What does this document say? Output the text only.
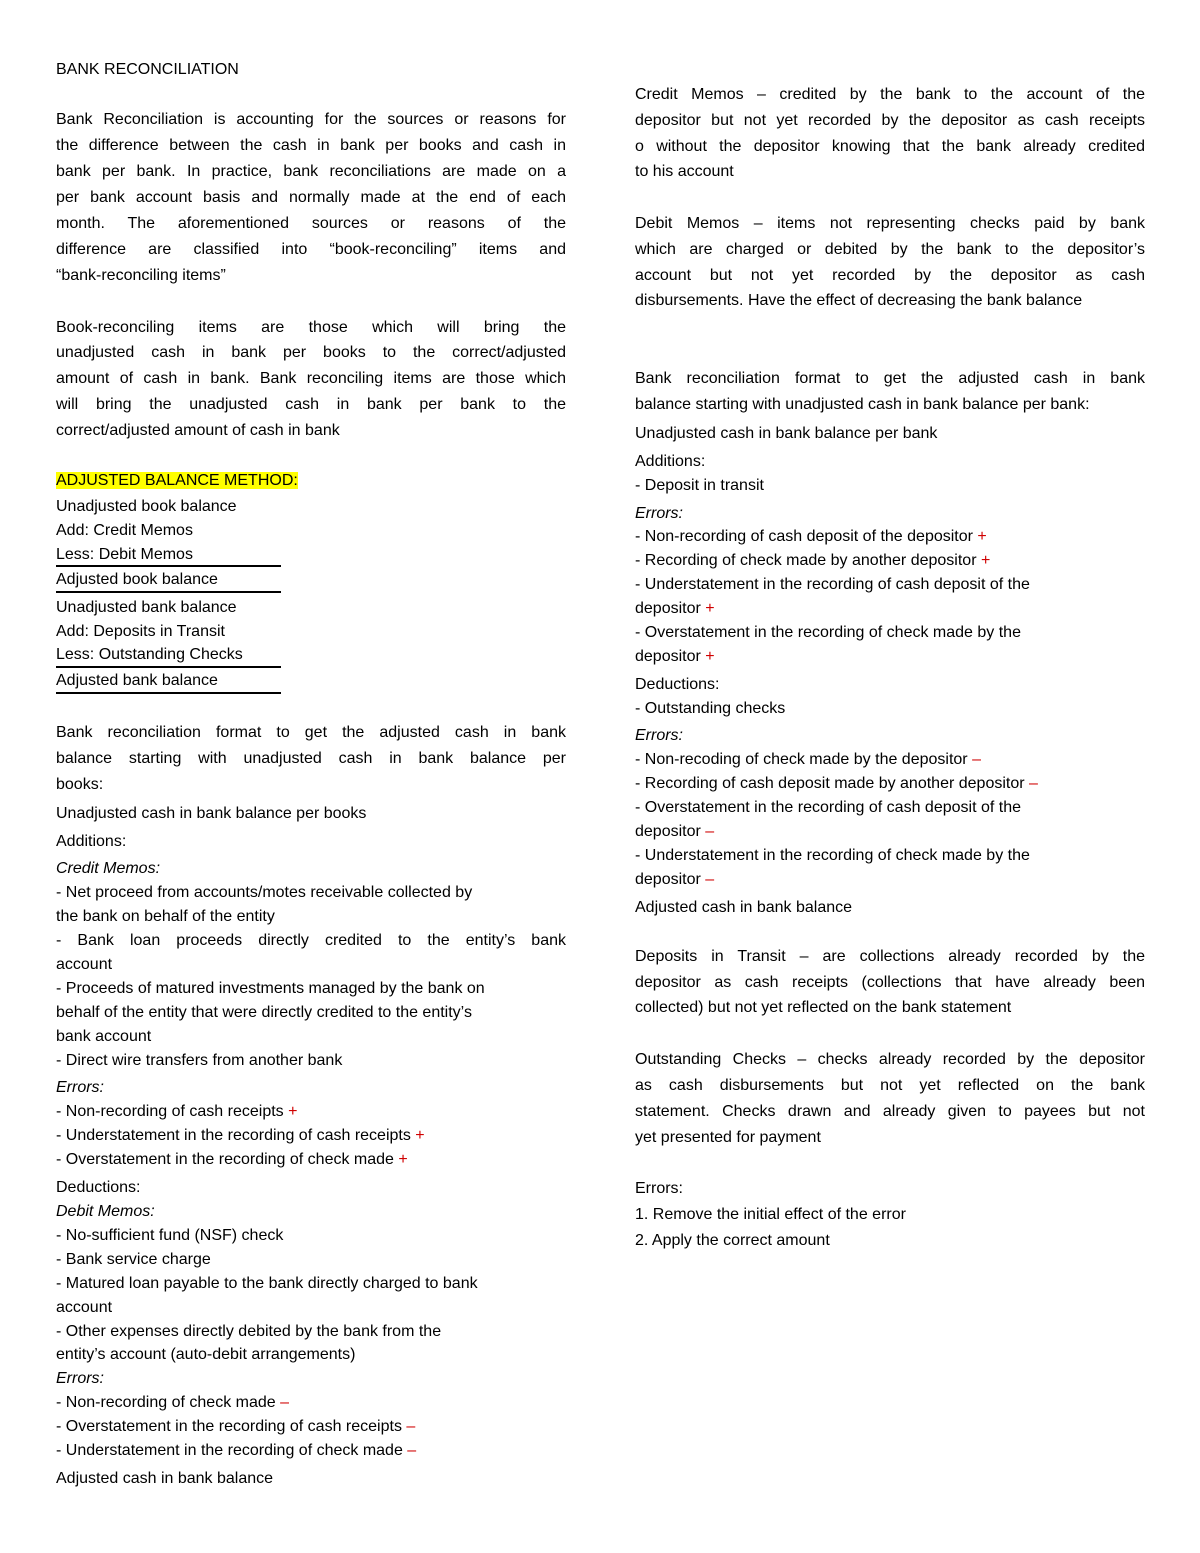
BANK RECONCILIATION
Bank Reconciliation is accounting for the sources or reasons for
the difference between the cash in bank per books and cash in
bank per bank. In practice, bank reconciliations are made on a
per bank account basis and normally made at the end of each
month. The aforementioned sources or reasons of the
difference are classified into “book-reconciling” items and
“bank-reconciling items”
Book-reconciling items are those which will bring the
unadjusted cash in bank per books to the correct/adjusted
amount of cash in bank. Bank reconciling items are those which
will bring the unadjusted cash in bank per bank to the
correct/adjusted amount of cash in bank
ADJUSTED BALANCE METHOD:
Unadjusted book balance
Add: Credit Memos
Less: Debit Memos
Adjusted book balance
Unadjusted bank balance
Add: Deposits in Transit
Less: Outstanding Checks
Adjusted bank balance
Bank reconciliation format to get the adjusted cash in bank
balance starting with unadjusted cash in bank balance per
books:
Unadjusted cash in bank balance per books
Additions:
Credit Memos:
- Net proceed from accounts/motes receivable collected by
the bank on behalf of the entity
- Bank loan proceeds directly credited to the entity’s bank
account
- Proceeds of matured investments managed by the bank on
behalf of the entity that were directly credited to the entity’s
bank account
- Direct wire transfers from another bank
Errors:
- Non-recording of cash receipts +
- Understatement in the recording of cash receipts +
- Overstatement in the recording of check made +
Deductions:
Debit Memos:
- No-sufficient fund (NSF) check
- Bank service charge
- Matured loan payable to the bank directly charged to bank
account
- Other expenses directly debited by the bank from the
entity’s account (auto-debit arrangements)
Errors:
- Non-recording of check made –
- Overstatement in the recording of cash receipts –
- Understatement in the recording of check made –
Adjusted cash in bank balance
Credit Memos – credited by the bank to the account of the
depositor but not yet recorded by the depositor as cash receipts
o without the depositor knowing that the bank already credited
to his account
Debit Memos – items not representing checks paid by bank
which are charged or debited by the bank to the depositor’s
account but not yet recorded by the depositor as cash
disbursements. Have the effect of decreasing the bank balance
Bank reconciliation format to get the adjusted cash in bank
balance starting with unadjusted cash in bank balance per bank:
Unadjusted cash in bank balance per bank
Additions:
- Deposit in transit
Errors:
- Non-recording of cash deposit of the depositor +
- Recording of check made by another depositor +
- Understatement in the recording of cash deposit of the
depositor +
- Overstatement in the recording of check made by the
depositor +
Deductions:
- Outstanding checks
Errors:
- Non-recoding of check made by the depositor –
- Recording of cash deposit made by another depositor –
- Overstatement in the recording of cash deposit of the
depositor –
- Understatement in the recording of check made by the
depositor –
Adjusted cash in bank balance
Deposits in Transit – are collections already recorded by the
depositor as cash receipts (collections that have already been
collected) but not yet reflected on the bank statement
Outstanding Checks – checks already recorded by the depositor
as cash disbursements but not yet reflected on the bank
statement. Checks drawn and already given to payees but not
yet presented for payment
Errors:
1. Remove the initial effect of the error
2. Apply the correct amount
